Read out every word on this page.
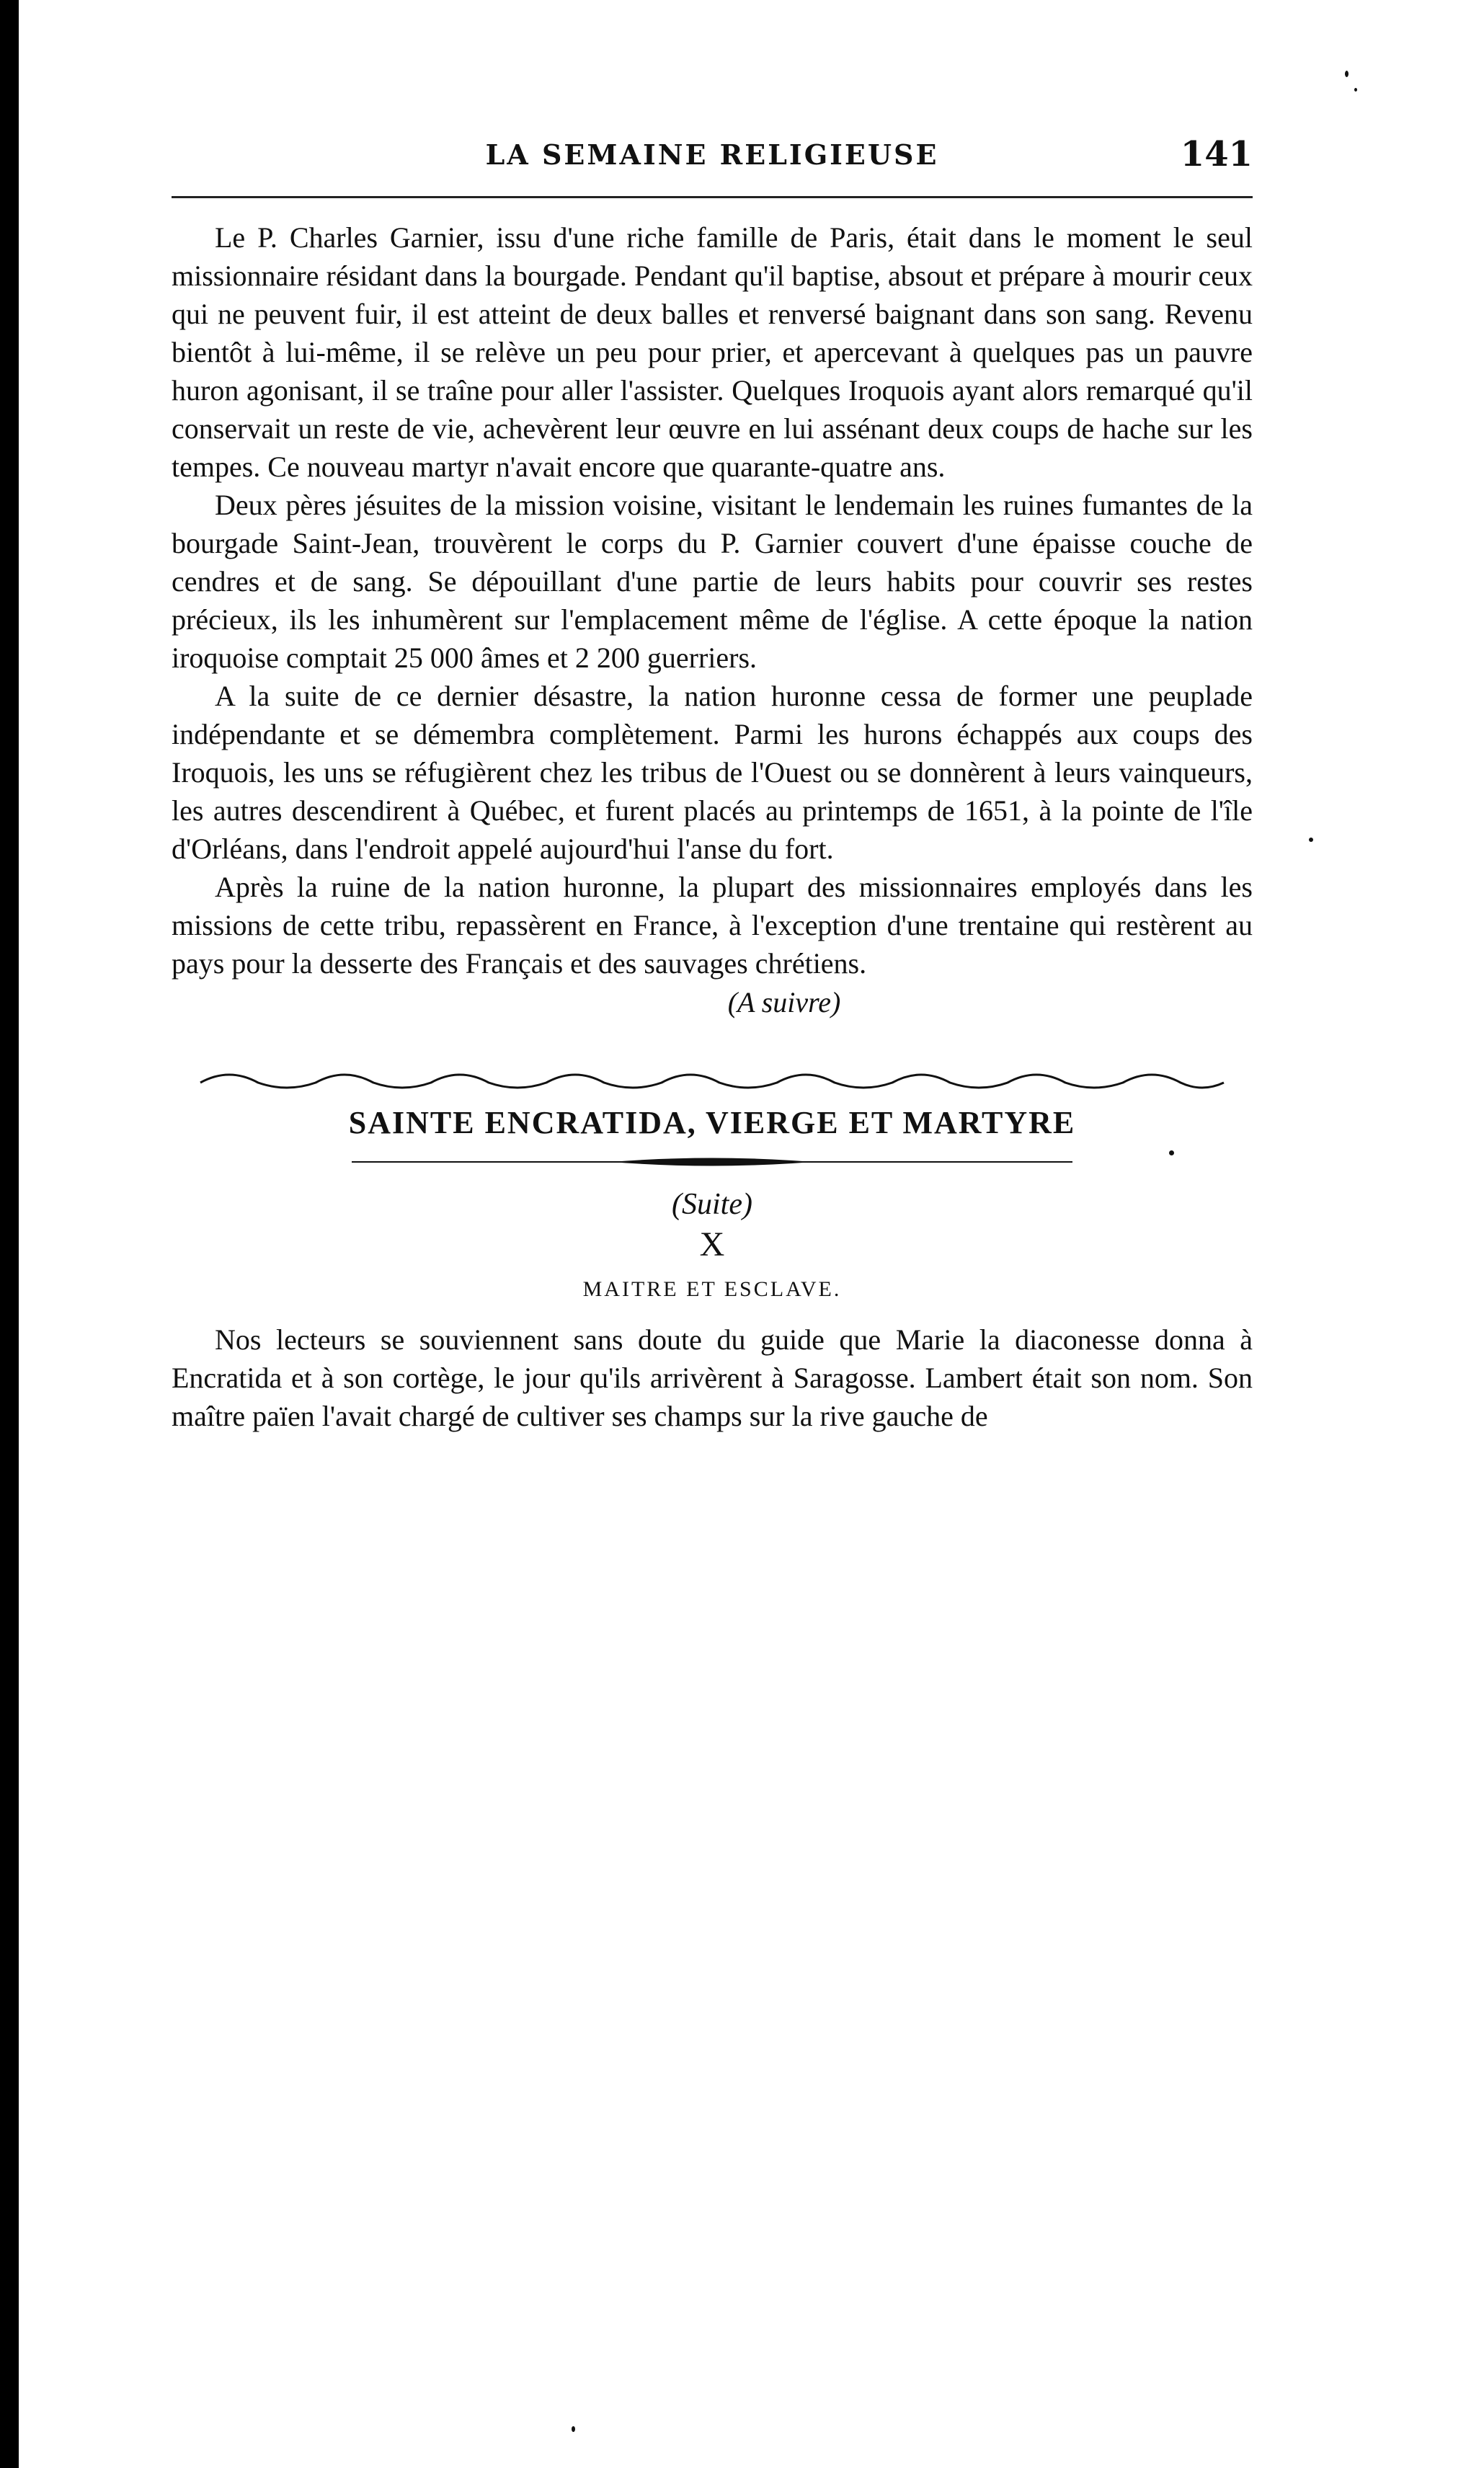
LA SEMAINE RELIGIEUSE	141

Le P. Charles Garnier, issu d'une riche famille de Paris, était dans le moment le seul missionnaire résidant dans la bourgade. Pendant qu'il baptise, absout et prépare à mourir ceux qui ne peuvent fuir, il est atteint de deux balles et renversé baignant dans son sang. Revenu bientôt à lui-même, il se relève un peu pour prier, et apercevant à quelques pas un pauvre huron agonisant, il se traîne pour aller l'assister. Quelques Iroquois ayant alors remarqué qu'il conservait un reste de vie, achevèrent leur œuvre en lui assénant deux coups de hache sur les tempes. Ce nouveau martyr n'avait encore que quarante-quatre ans.

Deux pères jésuites de la mission voisine, visitant le lendemain les ruines fumantes de la bourgade Saint-Jean, trouvèrent le corps du P. Garnier couvert d'une épaisse couche de cendres et de sang. Se dépouillant d'une partie de leurs habits pour couvrir ses restes précieux, ils les inhumèrent sur l'emplacement même de l'église. A cette époque la nation iroquoise comptait 25 000 âmes et 2 200 guerriers.

A la suite de ce dernier désastre, la nation huronne cessa de former une peuplade indépendante et se démembra complètement. Parmi les hurons échappés aux coups des Iroquois, les uns se réfugièrent chez les tribus de l'Ouest ou se donnèrent à leurs vainqueurs, les autres descendirent à Québec, et furent placés au printemps de 1651, à la pointe de l'île d'Orléans, dans l'endroit appelé aujourd'hui l'anse du fort.

Après la ruine de la nation huronne, la plupart des missionnaires employés dans les missions de cette tribu, repassèrent en France, à l'exception d'une trentaine qui restèrent au pays pour la desserte des Français et des sauvages chrétiens.

(A suivre)
SAINTE ENCRATIDA, VIERGE ET MARTYRE
(Suite)
X
MAITRE ET ESCLAVE.

Nos lecteurs se souviennent sans doute du guide que Marie la diaconesse donna à Encratida et à son cortège, le jour qu'ils arrivèrent à Saragosse. Lambert était son nom. Son maître païen l'avait chargé de cultiver ses champs sur la rive gauche de
